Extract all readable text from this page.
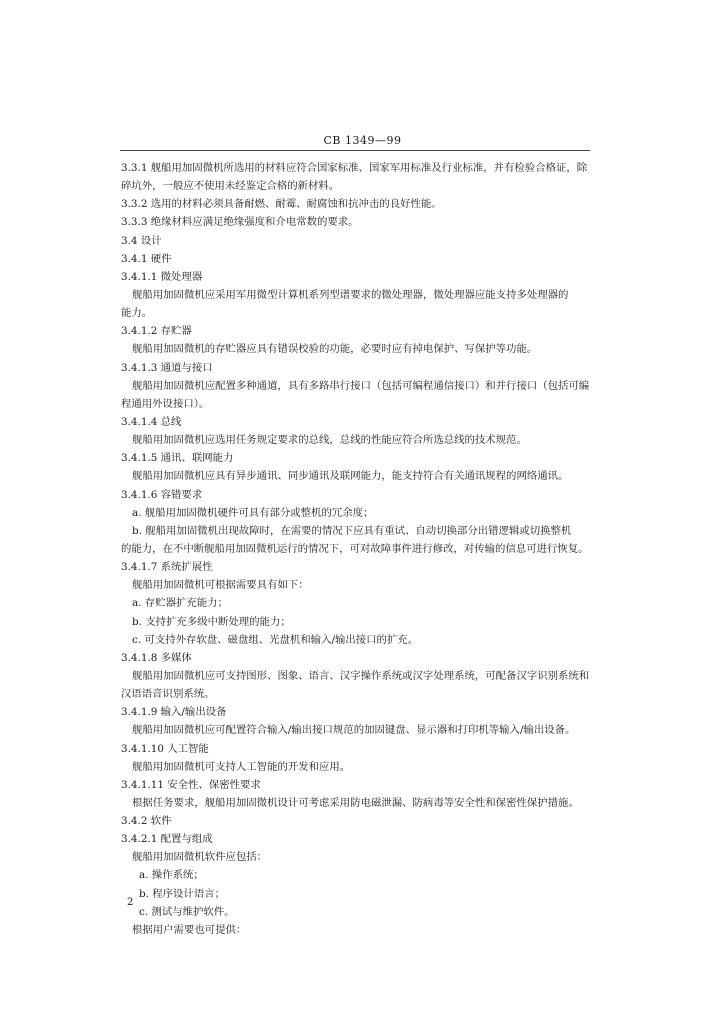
CB 1349—99
3.3.1 舰船用加固微机所选用的材料应符合国家标准、国家军用标准及行业标准，并有检验合格证，除
碎坑外，一般应不使用未经鉴定合格的新材料。
3.3.2 选用的材料必须具备耐燃、耐霉、耐腐蚀和抗冲击的良好性能。
3.3.3 绝缘材料应满足绝缘强度和介电常数的要求。
3.4 设计
3.4.1 硬件
3.4.1.1 微处理器
舰船用加固微机应采用军用微型计算机系列型谱要求的微处理器，微处理器应能支持多处理器的
能力。
3.4.1.2 存贮器
舰船用加固微机的存贮器应具有错误校验的功能，必要时应有掉电保护、写保护等功能。
3.4.1.3 通道与接口
舰船用加固微机应配置多种通道，具有多路串行接口（包括可编程通信接口）和并行接口（包括可编
程通用外设接口）。
3.4.1.4 总线
舰船用加固微机应选用任务规定要求的总线，总线的性能应符合所选总线的技术规范。
3.4.1.5 通讯、联网能力
舰船用加固微机应具有异步通讯、同步通讯及联网能力，能支持符合有关通讯规程的网络通讯。
3.4.1.6 容错要求
a. 舰船用加固微机硬件可具有部分或整机的冗余度；
b. 舰船用加固微机出现故障时，在需要的情况下应具有重试、自动切换部分出错逻辑或切换整机
的能力，在不中断舰船用加固微机运行的情况下，可对故障事件进行修改，对传输的信息可进行恢复。
3.4.1.7 系统扩展性
舰船用加固微机可根据需要具有如下：
a. 存贮器扩充能力；
b. 支持扩充多级中断处理的能力；
c. 可支持外存软盘、磁盘组、光盘机和输入/输出接口的扩充。
3.4.1.8 多媒体
舰船用加固微机应可支持图形、图象、语言、汉字操作系统或汉字处理系统，可配备汉字识别系统和
汉语语音识别系统。
3.4.1.9 输入/输出设备
舰船用加固微机应可配置符合输入/输出接口规范的加固键盘、显示器和打印机等输入/输出设备。
3.4.1.10 人工智能
舰船用加固微机可支持人工智能的开发和应用。
3.4.1.11 安全性、保密性要求
根据任务要求，舰船用加固微机设计可考虑采用防电磁泄漏、防病毒等安全性和保密性保护措施。
3.4.2 软件
3.4.2.1 配置与组成
舰船用加固微机软件应包括：
a. 操作系统；
b. 程序设计语言；
c. 测试与维护软件。
根据用户需要也可提供：
2
